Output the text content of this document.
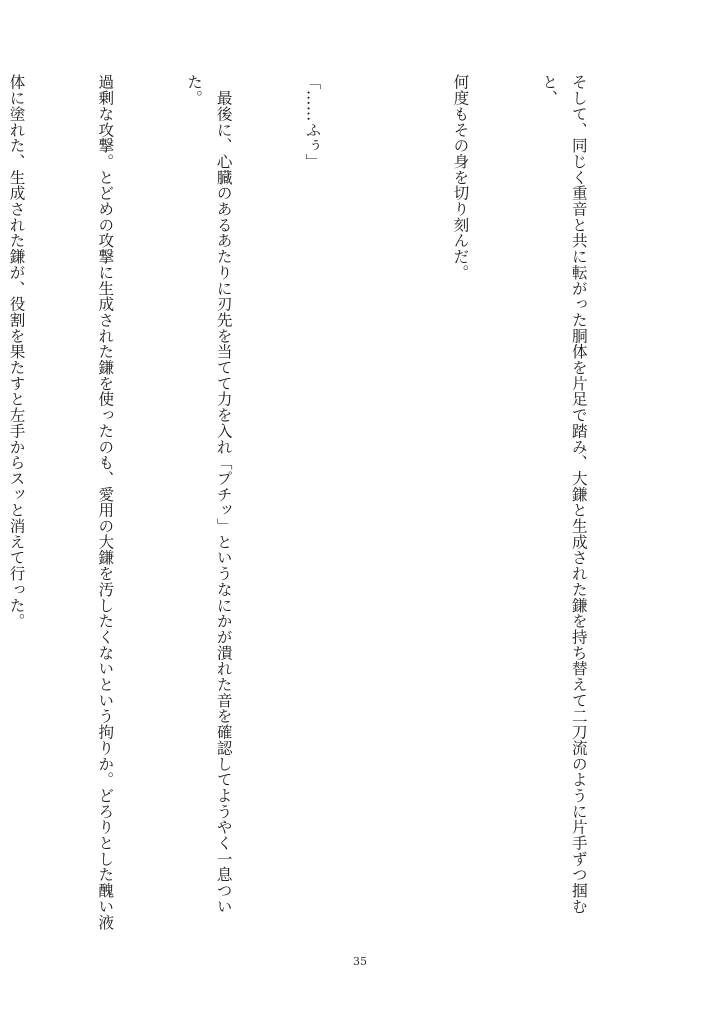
そして、同じく重音と共に転がった胴体を片足で踏み、大鎌と生成された鎌を持ち替えて二刀流のように片手ずつ掴むと、

何度もその身を切り刻んだ。

「……ふぅ」

　最後に、心臓のあるあたりに刃先を当てて力を入れ「プチッ」というなにかが潰れた音を確認してようやく一息ついた。

過剰な攻撃。とどめの攻撃に生成された鎌を使ったのも、愛用の大鎌を汚したくないという拘りか。どろりとした醜い液

体に塗れた、生成された鎌が、役割を果たすと左手からスッと消えて行った。

35
